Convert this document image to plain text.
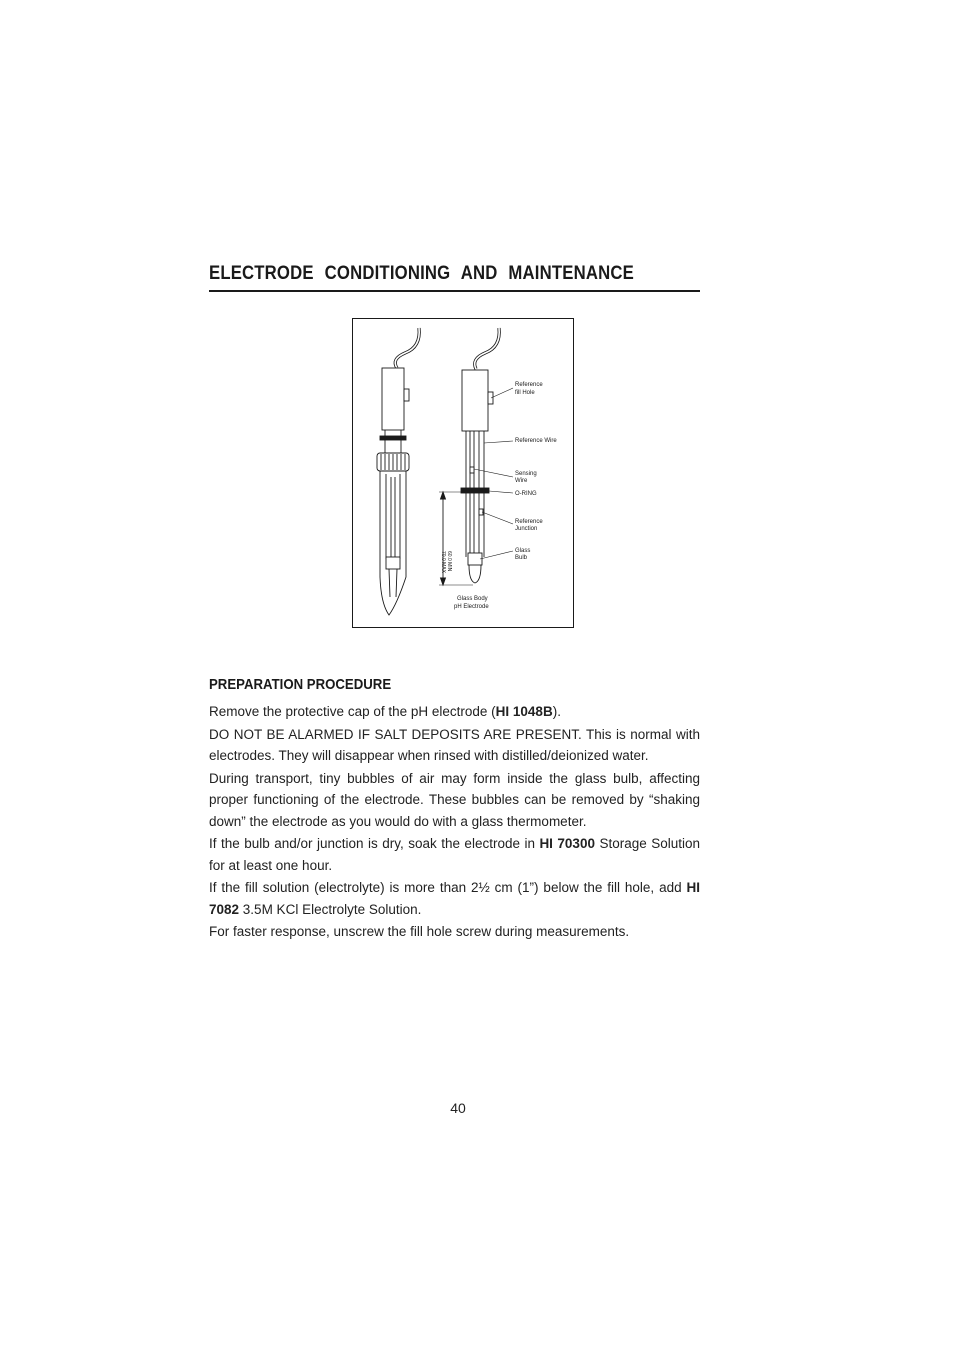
ELECTRODE CONDITIONING AND MAINTENANCE
Reference
fill Hole
Reference Wire
Sensing
Wire
O-RING
Reference
Junction
Glass
Bulb
Glass Body
pH Electrode
70.0 MAX 60.0 MIN
PREPARATION PROCEDURE

Remove the protective cap of the pH electrode (HI 1048B).

DO NOT BE ALARMED IF SALT DEPOSITS ARE PRESENT. This is normal with electrodes. They will disappear when rinsed with distilled/deionized water.

During transport, tiny bubbles of air may form inside the glass bulb, affecting proper functioning of the electrode. These bubbles can be removed by “shaking down” the electrode as you would do with a glass thermometer.

If the bulb and/or junction is dry, soak the electrode in HI 70300 Storage Solution for at least one hour.

If the fill solution (electrolyte) is more than 2½ cm (1”) below the fill hole, add HI 7082 3.5M KCl Electrolyte Solution.

For faster response, unscrew the fill hole screw during measurements.

40
